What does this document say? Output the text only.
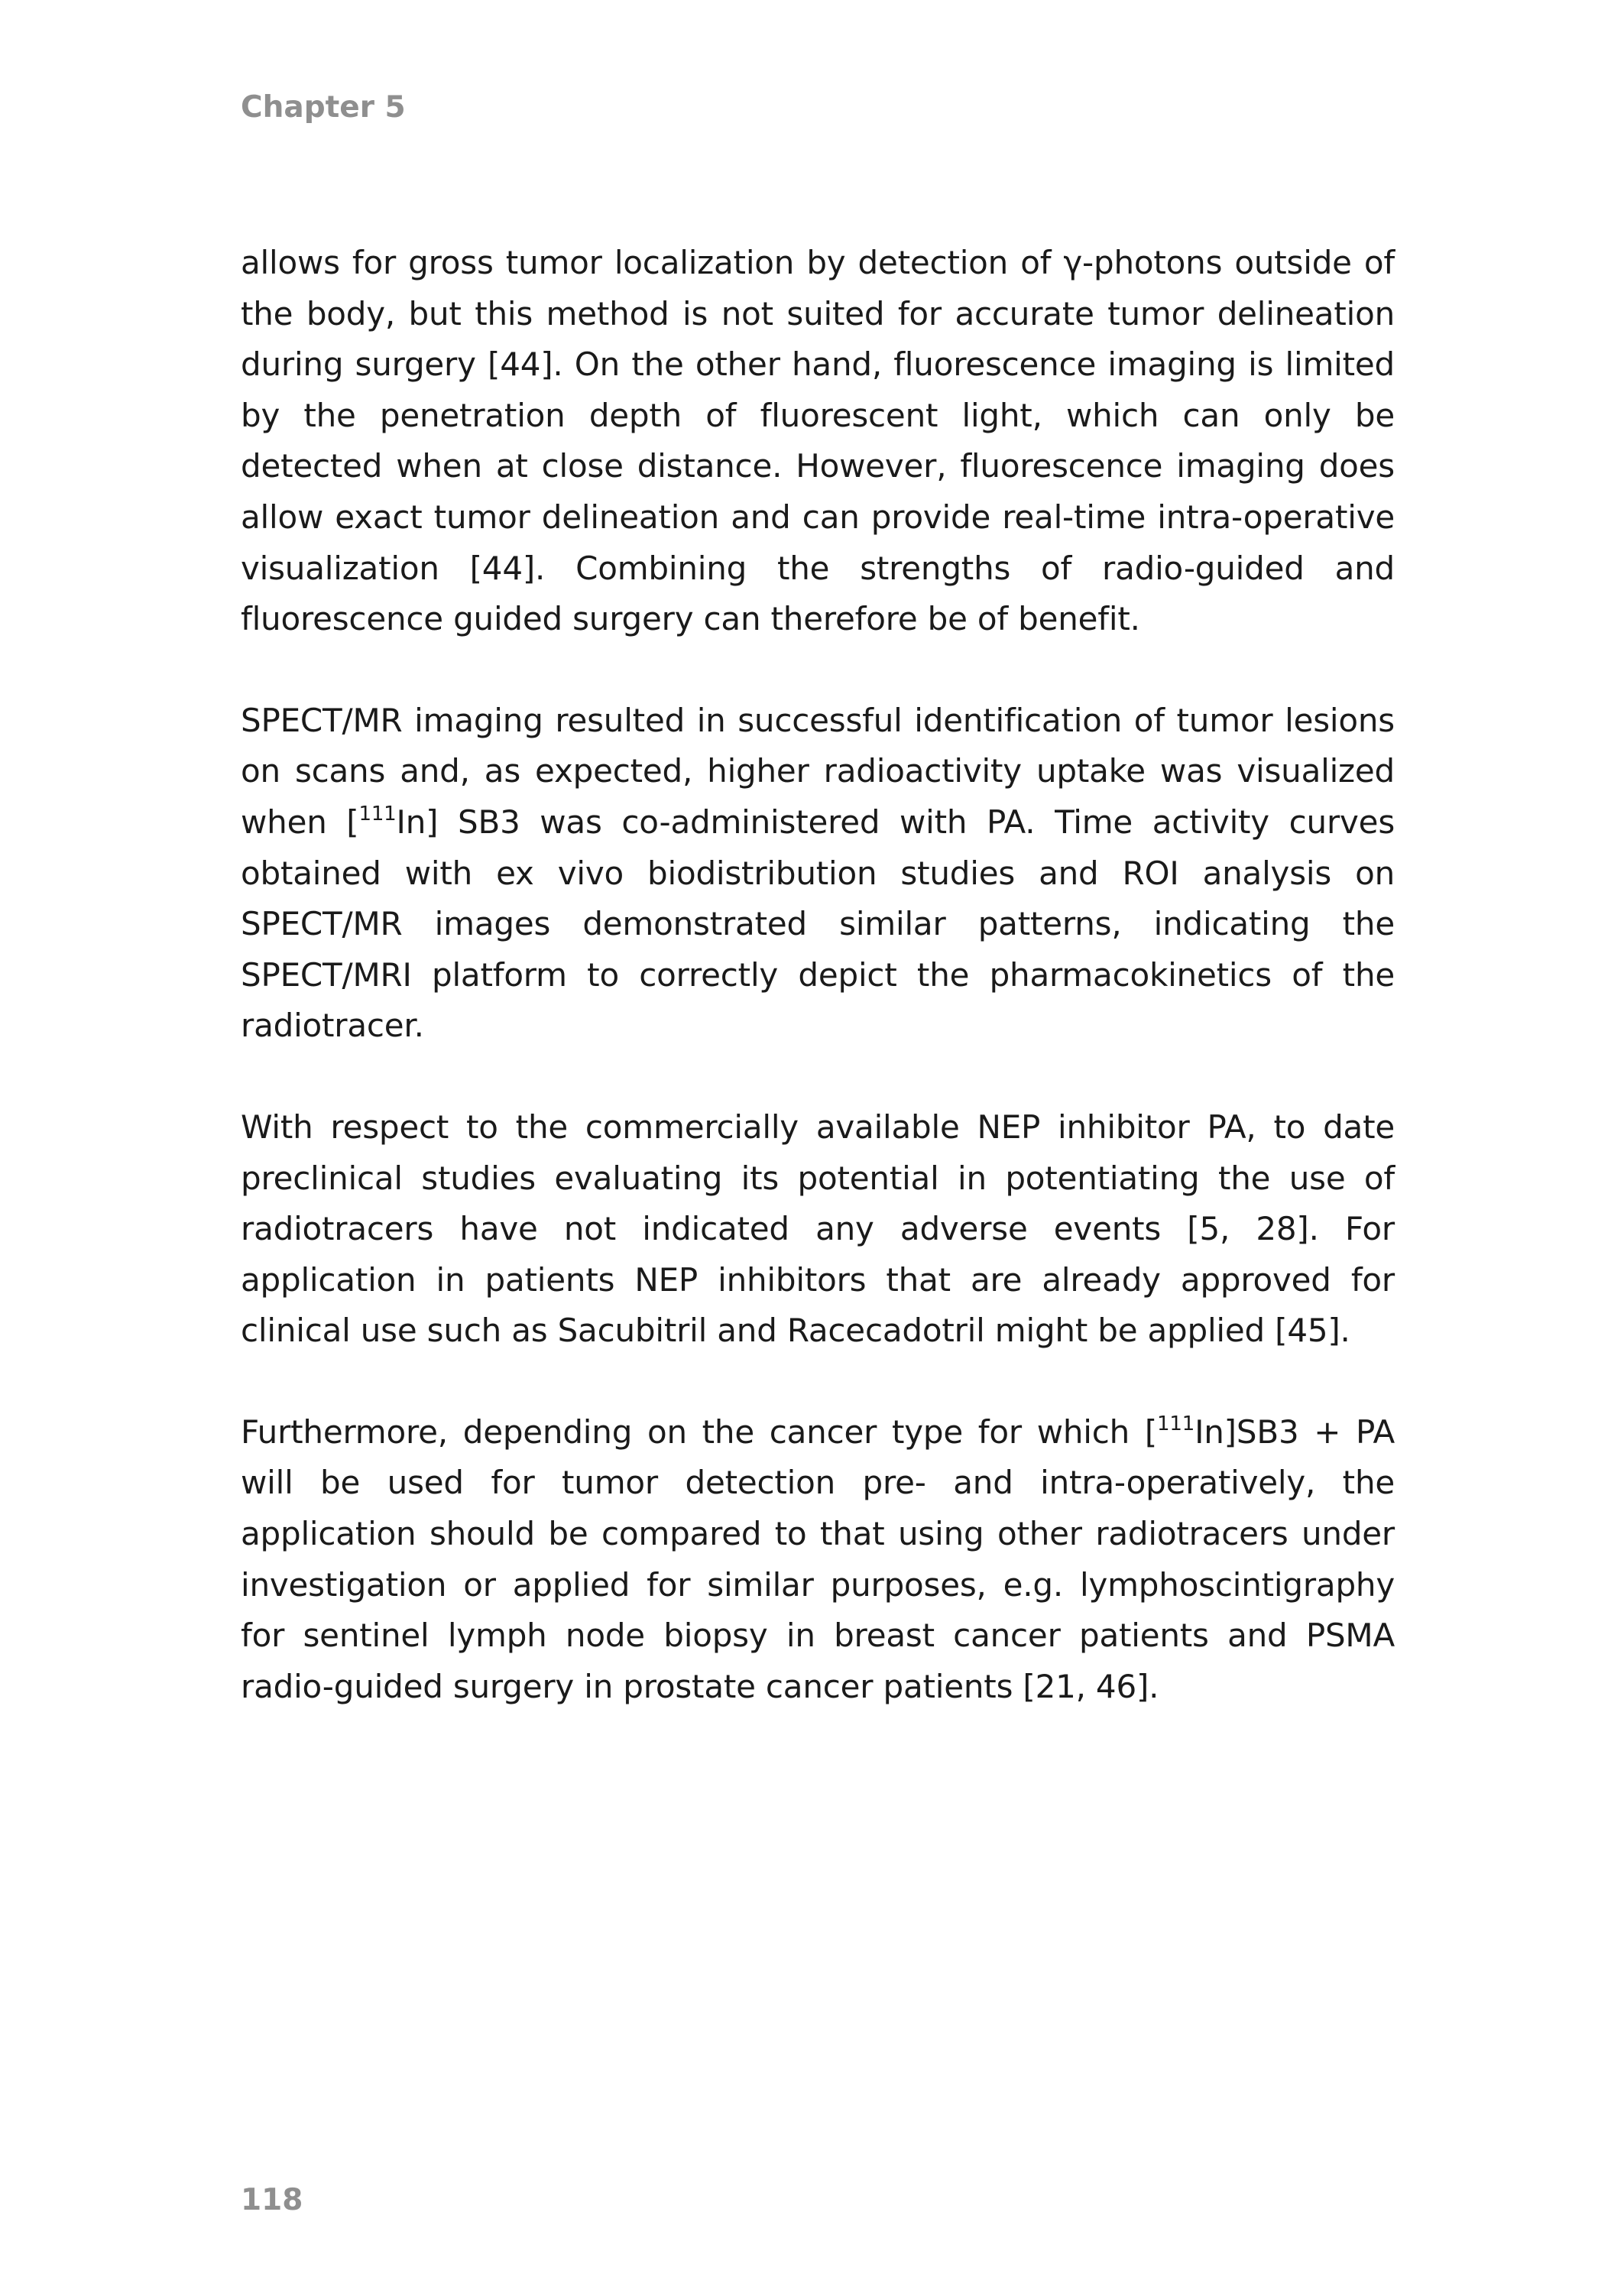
Chapter 5

allows for gross tumor localization by detection of γ-photons outside of the body, but this method is not suited for accurate tumor delineation during surgery [44]. On the other hand, fluorescence imaging is limited by the penetration depth of fluorescent light, which can only be detected when at close distance. However, fluorescence imaging does allow exact tumor delineation and can provide real-time intra-operative visualization [44]. Combining the strengths of radio-guided and fluorescence guided surgery can therefore be of benefit.

SPECT/MR imaging resulted in successful identification of tumor lesions on scans and, as expected, higher radioactivity uptake was visualized when [$^{111}$In] SB3 was co-administered with PA. Time activity curves obtained with ex vivo biodistribution studies and ROI analysis on SPECT/MR images demonstrated similar patterns, indicating the SPECT/MRI platform to correctly depict the pharmacokinetics of the radiotracer.

With respect to the commercially available NEP inhibitor PA, to date preclinical studies evaluating its potential in potentiating the use of radiotracers have not indicated any adverse events [5, 28]. For application in patients NEP inhibitors that are already approved for clinical use such as Sacubitril and Racecadotril might be applied [45].

Furthermore, depending on the cancer type for which [$^{111}$In]SB3 + PA will be used for tumor detection pre- and intra-operatively, the application should be compared to that using other radiotracers under investigation or applied for similar purposes, e.g. lymphoscintigraphy for sentinel lymph node biopsy in breast cancer patients and PSMA radio-guided surgery in prostate cancer patients [21, 46].

118
